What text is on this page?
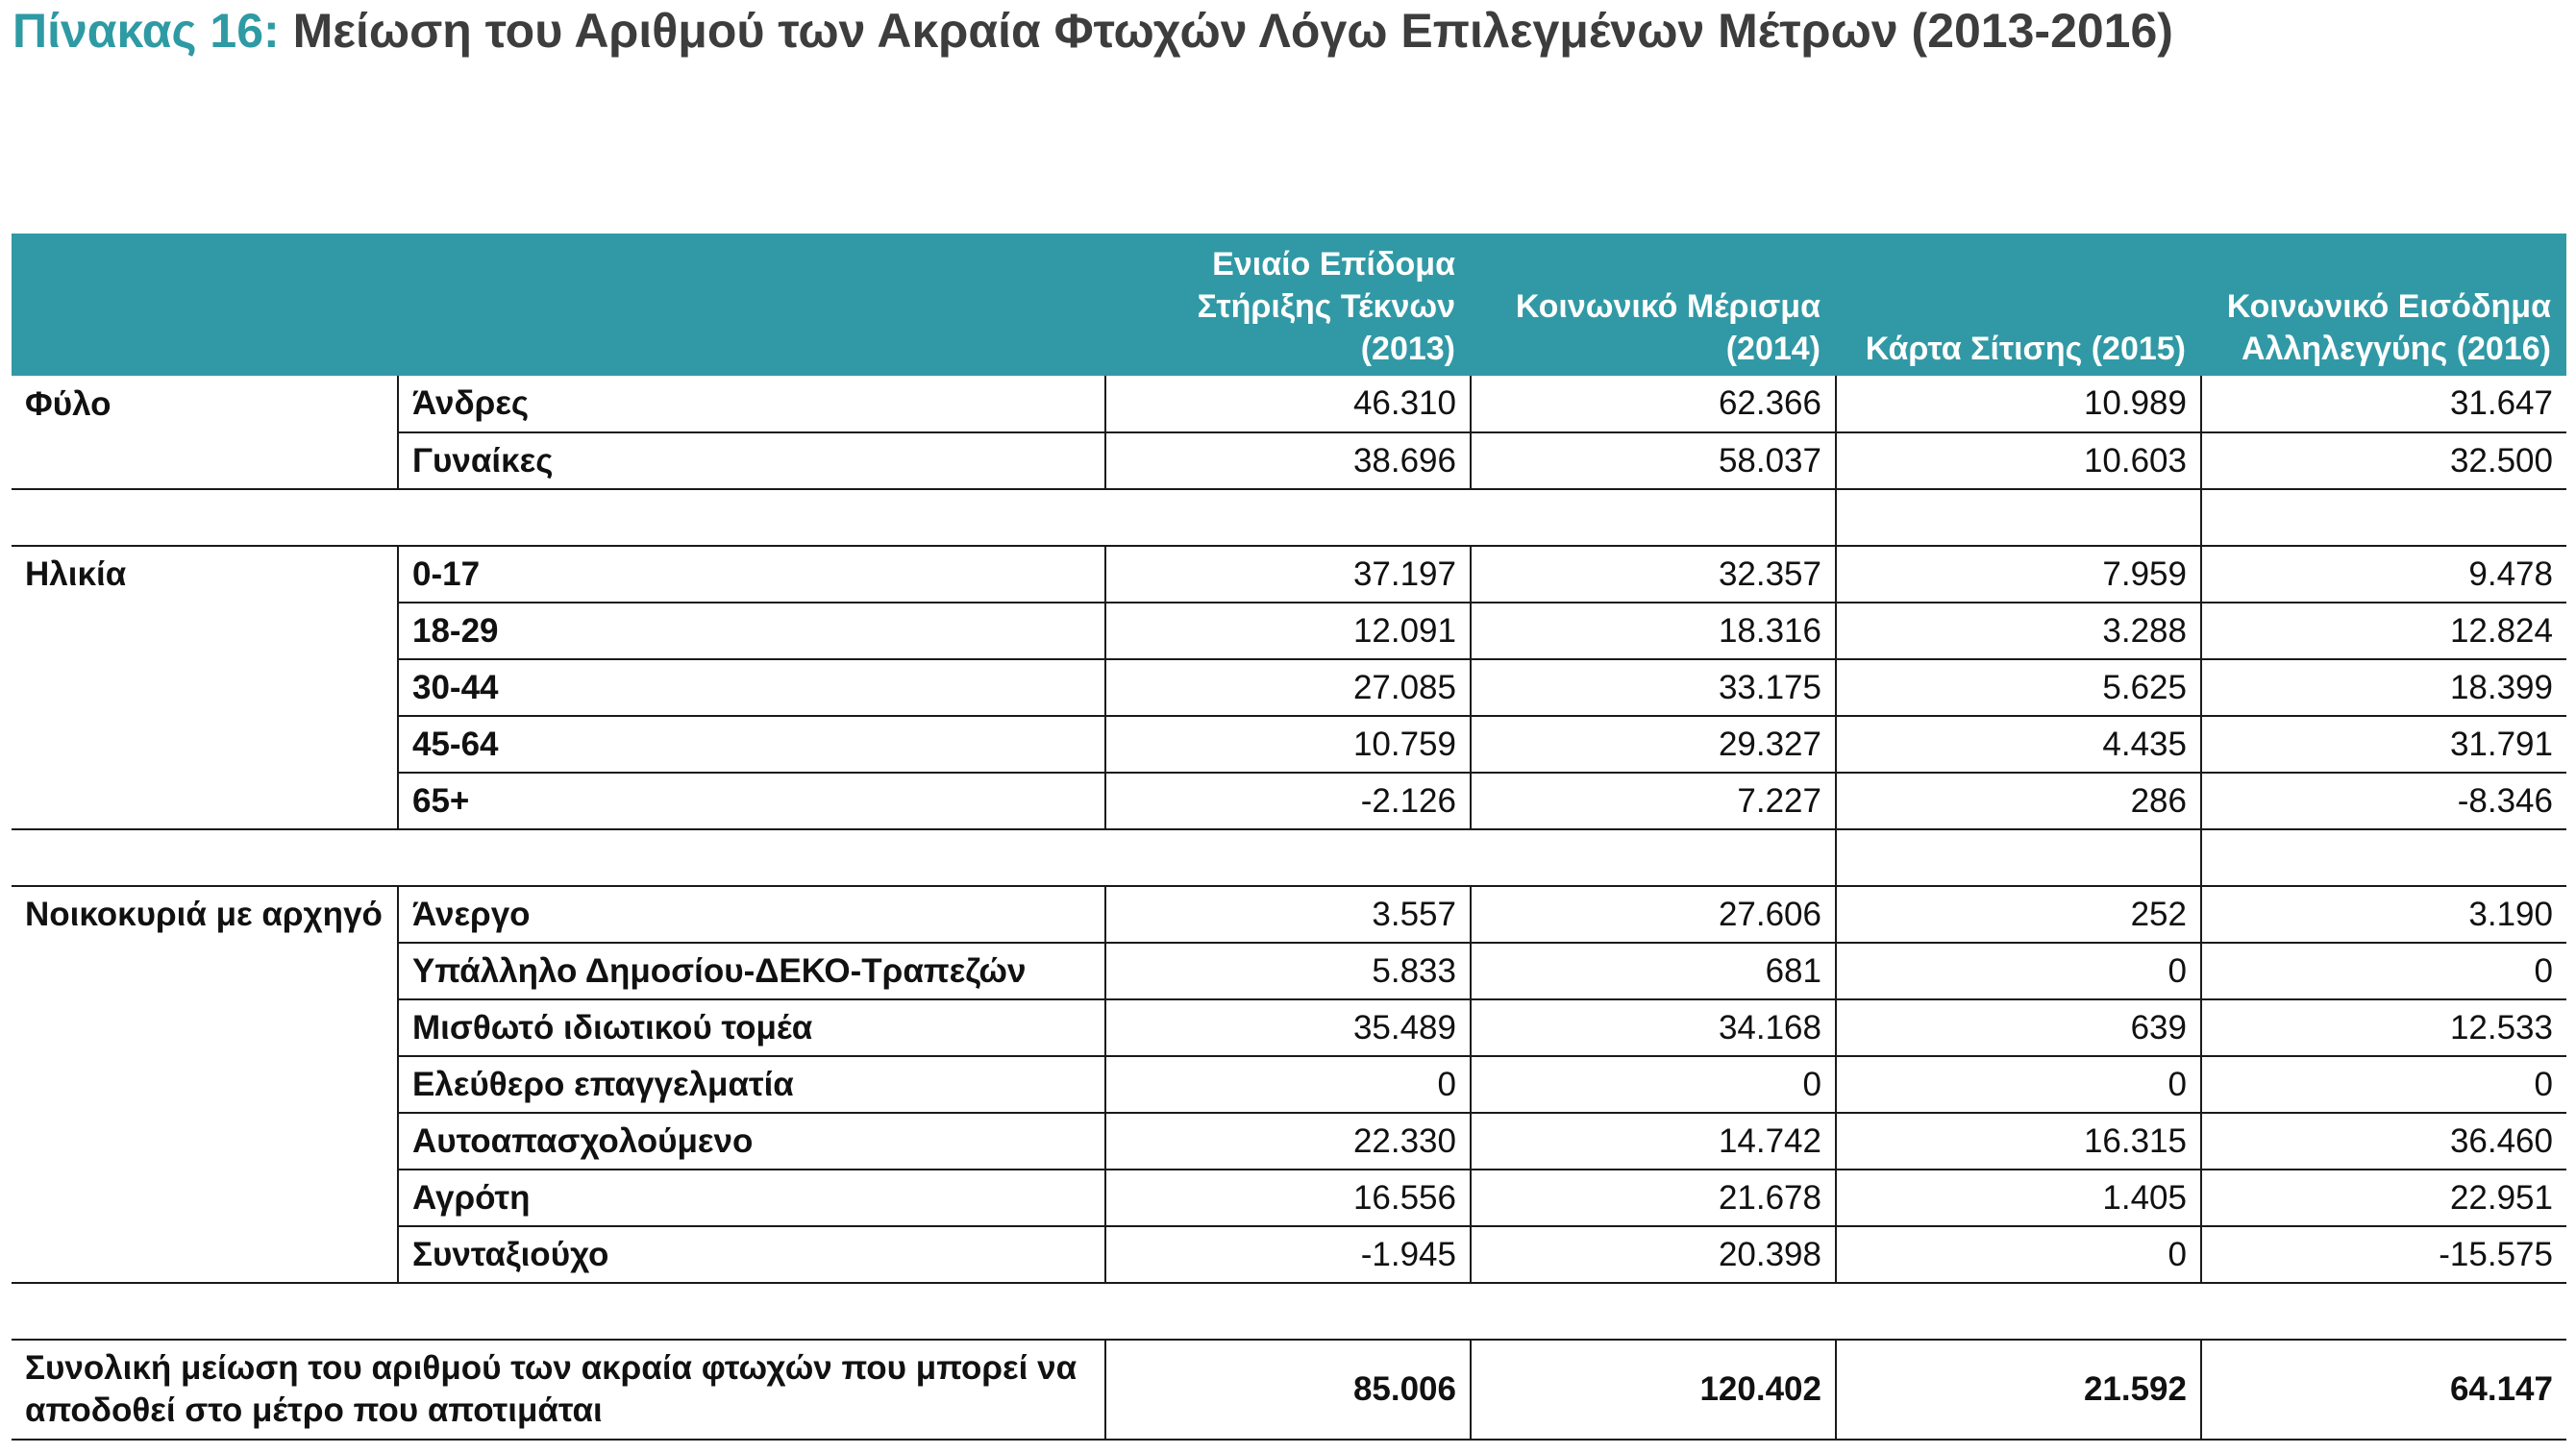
Πίνακας 16: Μείωση του Αριθμού των Ακραία Φτωχών Λόγω Επιλεγμένων Μέτρων (2013-2016)
		Ενιαίο Επίδομα Στήριξης Τέκνων (2013)	Κοινωνικό Μέρισμα (2014)	Κάρτα Σίτισης (2015)	Κοινωνικό Εισόδημα Αλληλεγγύης (2016)
Φύλο	Άνδρες	46.310	62.366	10.989	31.647
	Γυναίκες	38.696	58.037	10.603	32.500

Ηλικία	0-17	37.197	32.357	7.959	9.478
	18-29	12.091	18.316	3.288	12.824
	30-44	27.085	33.175	5.625	18.399
	45-64	10.759	29.327	4.435	31.791
	65+	-2.126	7.227	286	-8.346

Νοικοκυριά με αρχηγό	Άνεργο	3.557	27.606	252	3.190
	Υπάλληλο Δημοσίου-ΔΕΚΟ-Τραπεζών	5.833	681	0	0
	Μισθωτό ιδιωτικού τομέα	35.489	34.168	639	12.533
	Ελεύθερο επαγγελματία	0	0	0	0
	Αυτοαπασχολούμενο	22.330	14.742	16.315	36.460
	Αγρότη	16.556	21.678	1.405	22.951
	Συνταξιούχο	-1.945	20.398	0	-15.575

Συνολική μείωση του αριθμού των ακραία φτωχών που μπορεί να αποδοθεί στο μέτρο που αποτιμάται		85.006	120.402	21.592	64.147
